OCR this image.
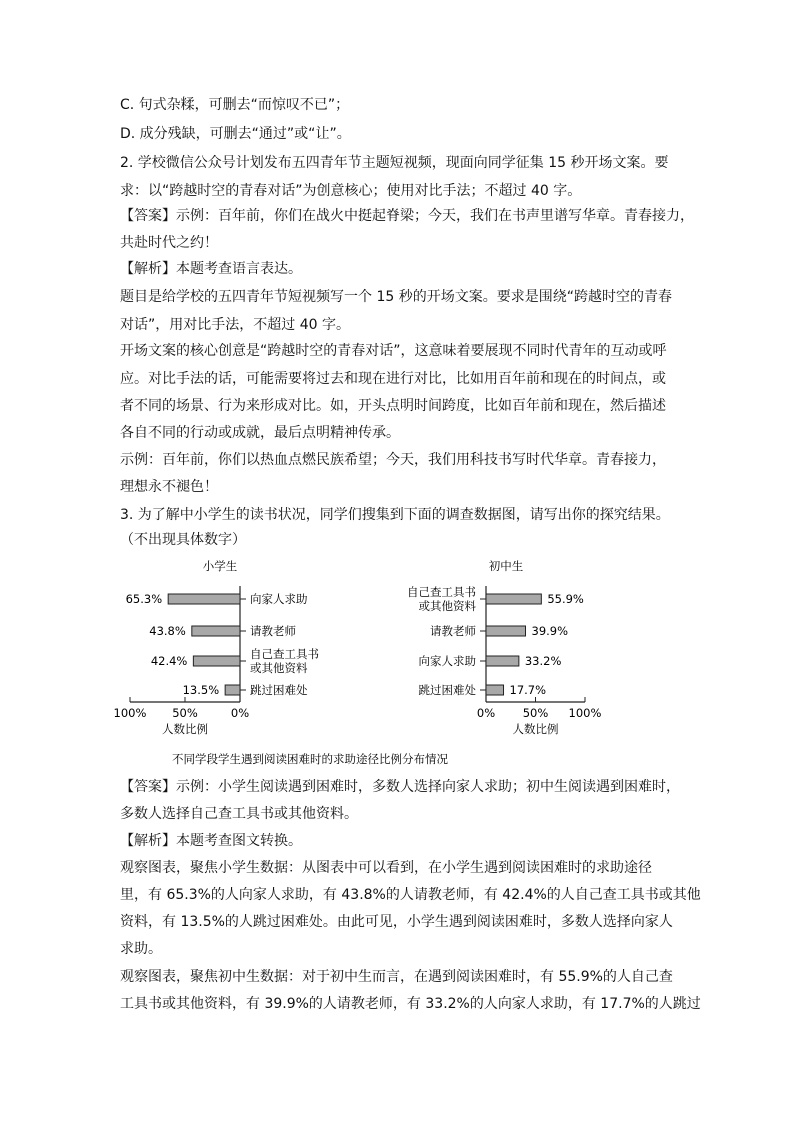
C. 句式杂糅，可删去“而惊叹不已”；
D. 成分残缺，可删去“通过”或“让”。
2. 学校微信公众号计划发布五四青年节主题短视频，现面向同学征集 15 秒开场文案。要
求：以“跨越时空的青春对话”为创意核心；使用对比手法；不超过 40 字。
【答案】示例：百年前，你们在战火中挺起脊梁；今天，我们在书声里谱写华章。青春接力，
共赴时代之约！
【解析】本题考查语言表达。
题目是给学校的五四青年节短视频写一个 15 秒的开场文案。要求是围绕“跨越时空的青春
对话”，用对比手法，不超过 40 字。
开场文案的核心创意是“跨越时空的青春对话”，这意味着要展现不同时代青年的互动或呼
应。对比手法的话，可能需要将过去和现在进行对比，比如用百年前和现在的时间点，或
者不同的场景、行为来形成对比。如，开头点明时间跨度，比如百年前和现在，然后描述
各自不同的行动或成就，最后点明精神传承。
示例：百年前，你们以热血点燃民族希望；今天，我们用科技书写时代华章。青春接力，
理想永不褪色！
3. 为了解中小学生的读书状况，同学们搜集到下面的调查数据图，请写出你的探究结果。
（不出现具体数字）
小学生
65.3%	向家人求助
43.8%	请教老师
42.4%	自己查工具书
或其他资料
13.5%	跳过困难处
100% 50%	0%
人数比例
初中生
55.9%
自己查工具书
或其他资料
39.9%
请教老师
33.2%
向家人求助
17.7%
跳过困难处
0% 50% 100%
人数比例
不同学段学生遇到阅读困难时的求助途径比例分布情况
【答案】示例：小学生阅读遇到困难时，多数人选择向家人求助；初中生阅读遇到困难时，
多数人选择自己查工具书或其他资料。
【解析】本题考查图文转换。
观察图表，聚焦小学生数据：从图表中可以看到，在小学生遇到阅读困难时的求助途径
里，有 65.3%的人向家人求助，有 43.8%的人请教老师，有 42.4%的人自己查工具书或其他
资料，有 13.5%的人跳过困难处。由此可见，小学生遇到阅读困难时，多数人选择向家人
求助。
观察图表，聚焦初中生数据：对于初中生而言，在遇到阅读困难时，有 55.9%的人自己查
工具书或其他资料，有 39.9%的人请教老师，有 33.2%的人向家人求助，有 17.7%的人跳过
